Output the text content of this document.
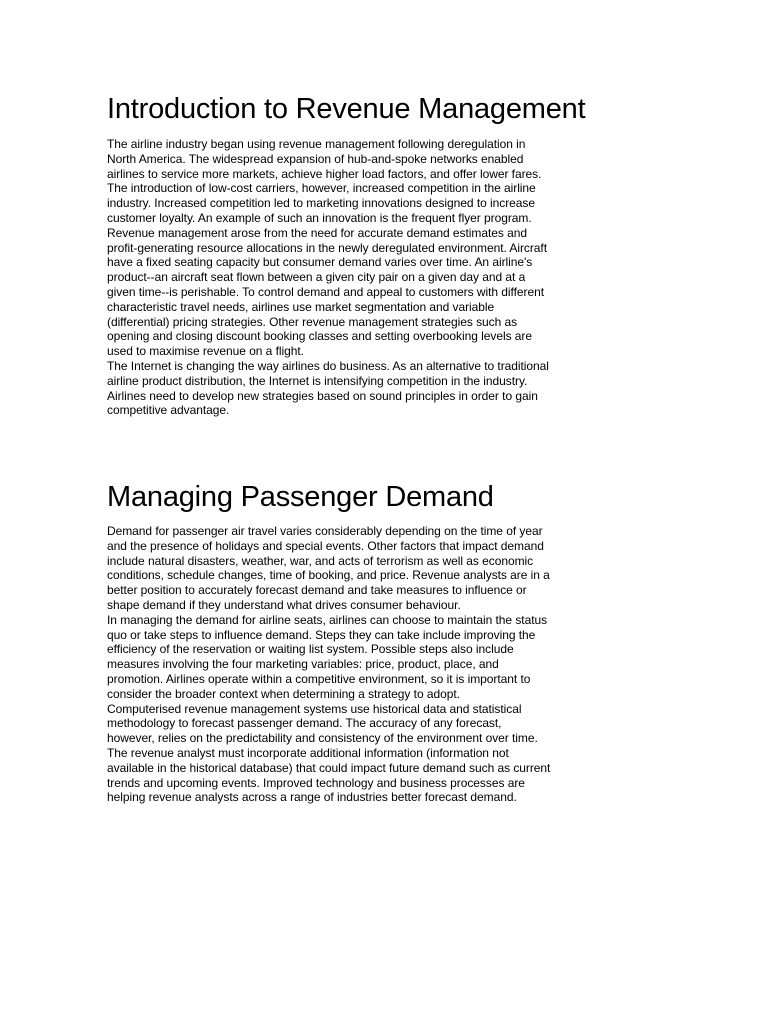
Introduction to Revenue Management

The airline industry began using revenue management following deregulation in North America. The widespread expansion of hub-and-spoke networks enabled airlines to service more markets, achieve higher load factors, and offer lower fares. The introduction of low-cost carriers, however, increased competition in the airline industry. Increased competition led to marketing innovations designed to increase customer loyalty. An example of such an innovation is the frequent flyer program.

Revenue management arose from the need for accurate demand estimates and profit-generating resource allocations in the newly deregulated environment. Aircraft have a fixed seating capacity but consumer demand varies over time. An airline's product--an aircraft seat flown between a given city pair on a given day and at a given time--is perishable. To control demand and appeal to customers with different characteristic travel needs, airlines use market segmentation and variable (differential) pricing strategies. Other revenue management strategies such as opening and closing discount booking classes and setting overbooking levels are used to maximise revenue on a flight.

The Internet is changing the way airlines do business. As an alternative to traditional airline product distribution, the Internet is intensifying competition in the industry. Airlines need to develop new strategies based on sound principles in order to gain competitive advantage.

Managing Passenger Demand

Demand for passenger air travel varies considerably depending on the time of year and the presence of holidays and special events. Other factors that impact demand include natural disasters, weather, war, and acts of terrorism as well as economic conditions, schedule changes, time of booking, and price. Revenue analysts are in a better position to accurately forecast demand and take measures to influence or shape demand if they understand what drives consumer behaviour.

In managing the demand for airline seats, airlines can choose to maintain the status quo or take steps to influence demand. Steps they can take include improving the efficiency of the reservation or waiting list system. Possible steps also include measures involving the four marketing variables: price, product, place, and promotion. Airlines operate within a competitive environment, so it is important to consider the broader context when determining a strategy to adopt.

Computerised revenue management systems use historical data and statistical methodology to forecast passenger demand. The accuracy of any forecast, however, relies on the predictability and consistency of the environment over time. The revenue analyst must incorporate additional information (information not available in the historical database) that could impact future demand such as current trends and upcoming events. Improved technology and business processes are helping revenue analysts across a range of industries better forecast demand.
